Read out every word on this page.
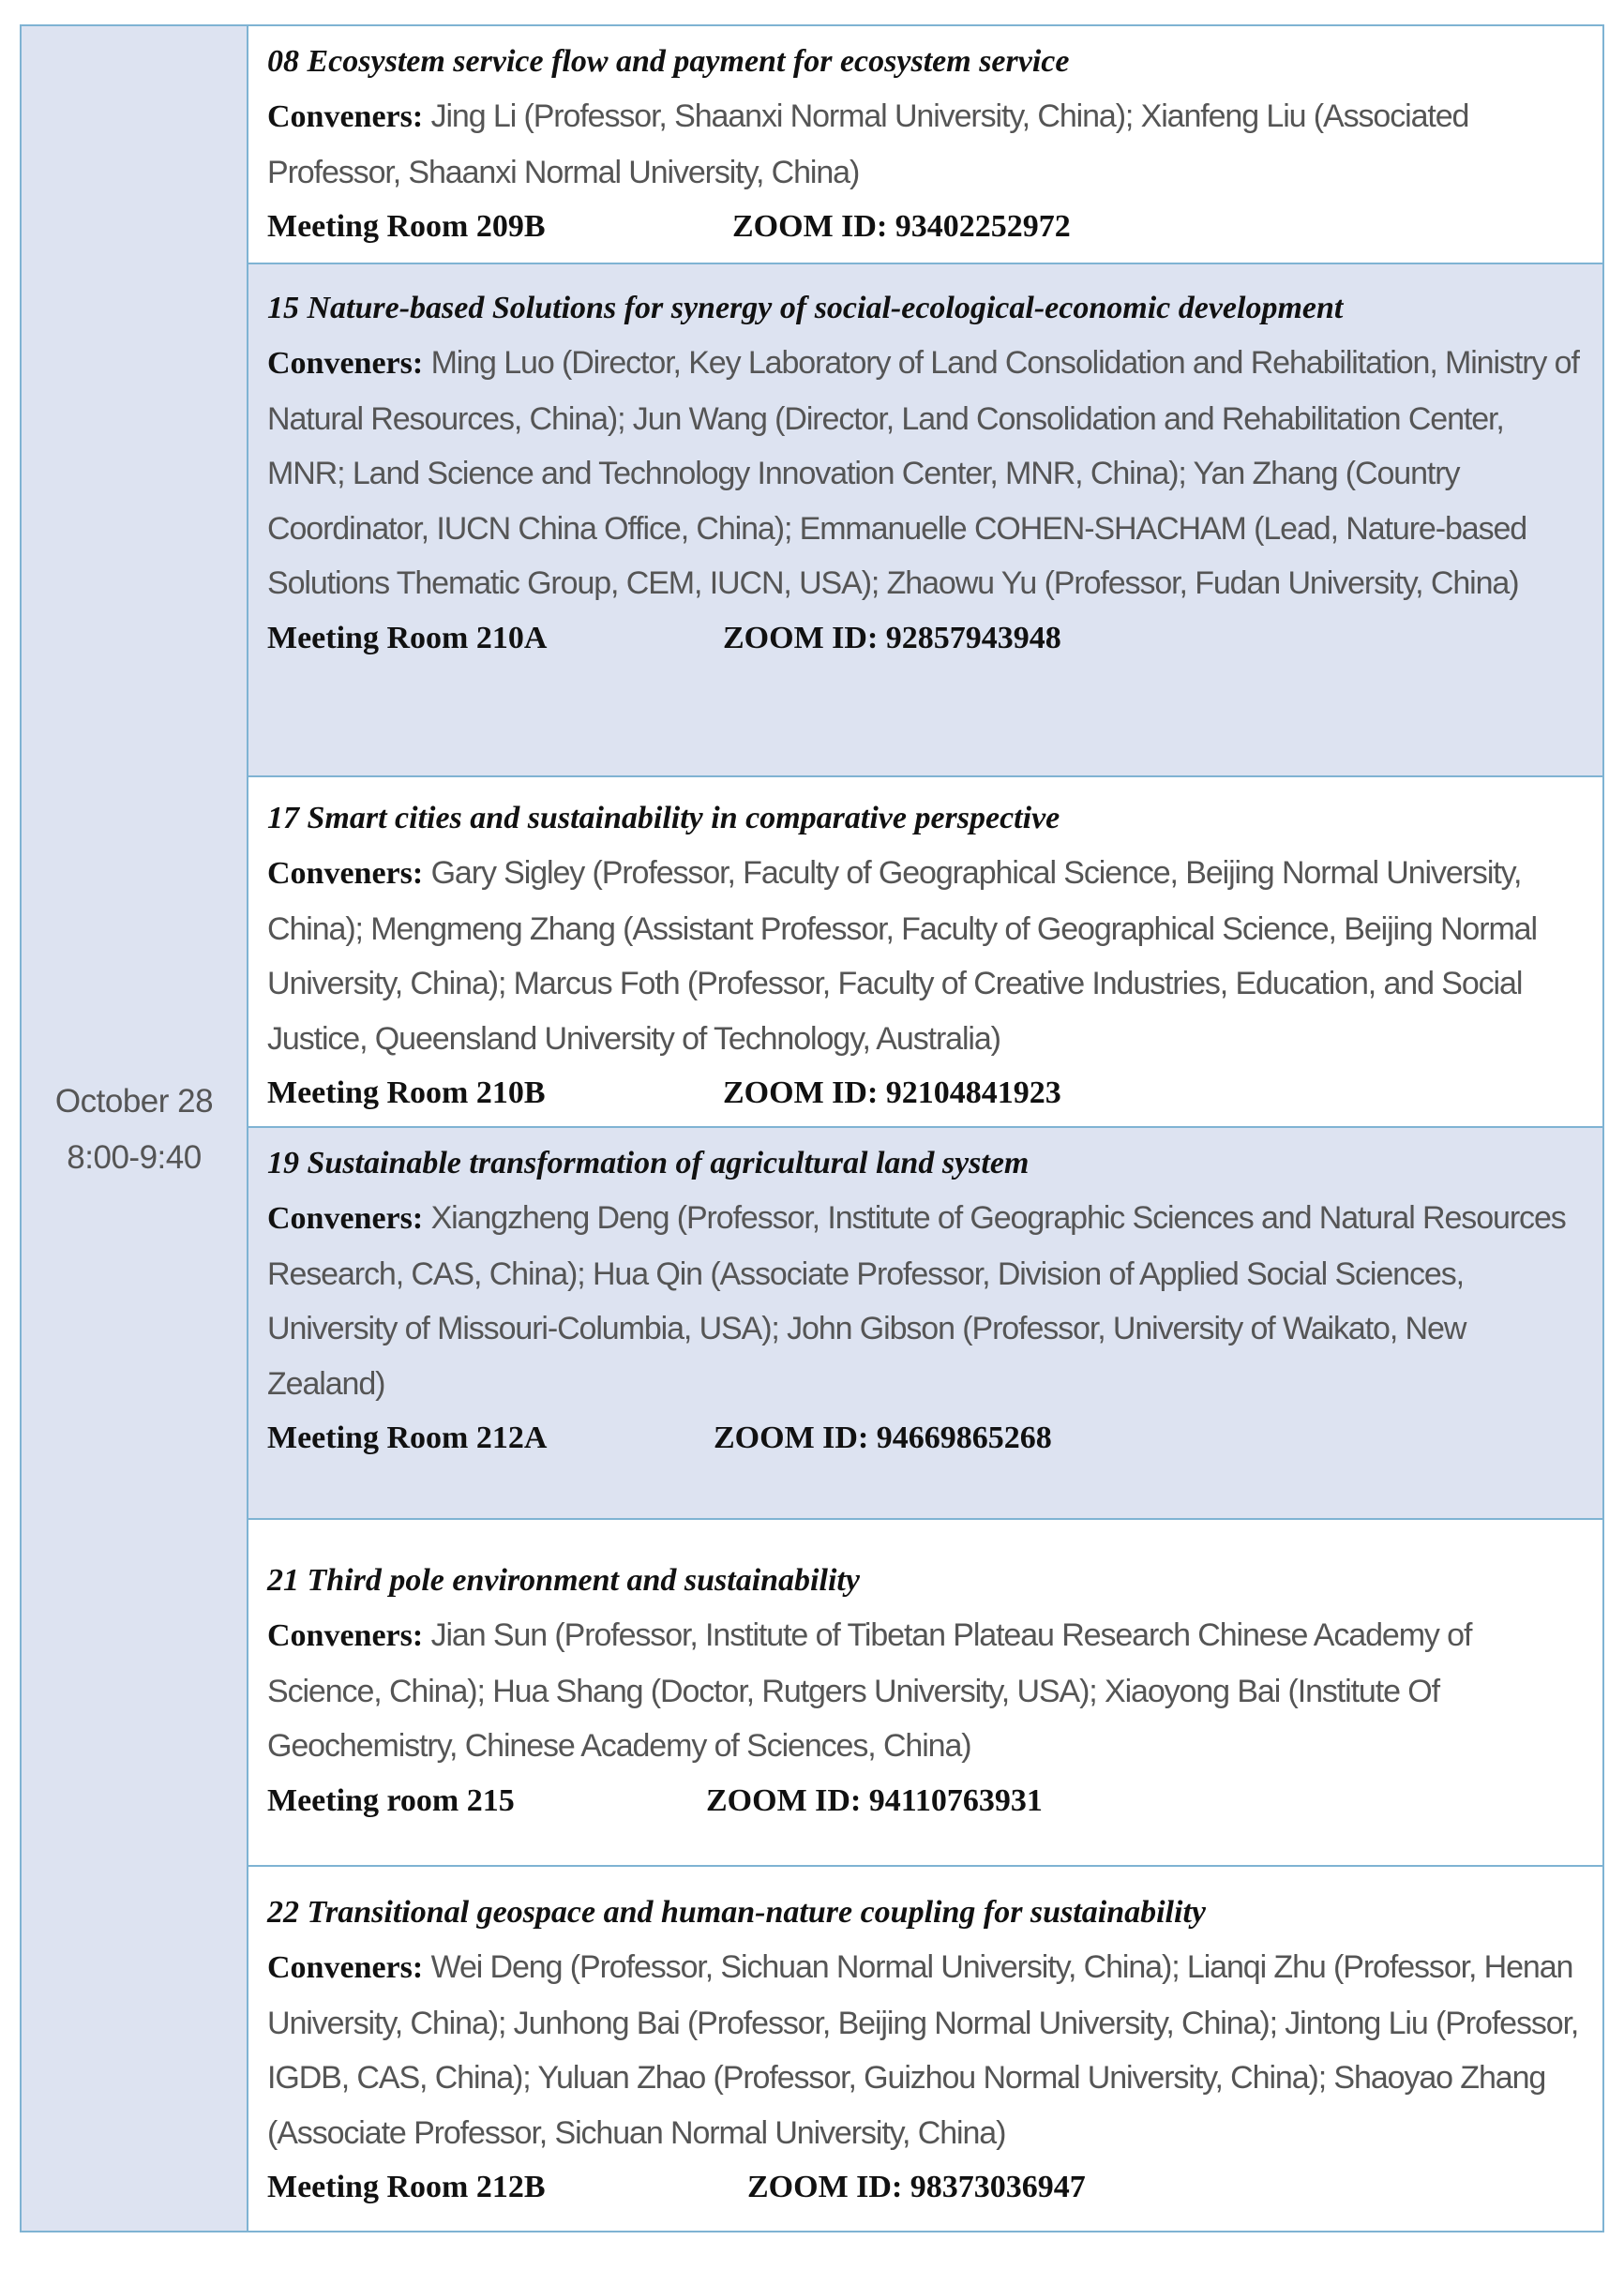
October 28
8:00-9:40
08 Ecosystem service flow and payment for ecosystem service
Conveners: Jing Li (Professor, Shaanxi Normal University, China); Xianfeng Liu (Associated Professor, Shaanxi Normal University, China)
Meeting Room 209B	ZOOM ID: 93402252972
15 Nature-based Solutions for synergy of social-ecological-economic development
Conveners: Ming Luo (Director, Key Laboratory of Land Consolidation and Rehabilitation, Ministry of Natural Resources, China); Jun Wang (Director, Land Consolidation and Rehabilitation Center, MNR; Land Science and Technology Innovation Center, MNR, China); Yan Zhang (Country Coordinator, IUCN China Office, China); Emmanuelle COHEN-SHACHAM (Lead, Nature-based Solutions Thematic Group, CEM, IUCN, USA); Zhaowu Yu (Professor, Fudan University, China)
Meeting Room 210A	ZOOM ID: 92857943948
17 Smart cities and sustainability in comparative perspective
Conveners: Gary Sigley (Professor, Faculty of Geographical Science, Beijing Normal University, China); Mengmeng Zhang (Assistant Professor, Faculty of Geographical Science, Beijing Normal University, China); Marcus Foth (Professor, Faculty of Creative Industries, Education, and Social Justice, Queensland University of Technology, Australia)
Meeting Room 210B	ZOOM ID: 92104841923
19 Sustainable transformation of agricultural land system
Conveners: Xiangzheng Deng (Professor, Institute of Geographic Sciences and Natural Resources Research, CAS, China); Hua Qin (Associate Professor, Division of Applied Social Sciences, University of Missouri-Columbia, USA); John Gibson (Professor, University of Waikato, New Zealand)
Meeting Room 212A	ZOOM ID: 94669865268
21 Third pole environment and sustainability
Conveners: Jian Sun (Professor, Institute of Tibetan Plateau Research Chinese Academy of Science, China); Hua Shang (Doctor, Rutgers University, USA); Xiaoyong Bai (Institute Of Geochemistry, Chinese Academy of Sciences, China)
Meeting room 215	ZOOM ID: 94110763931
22 Transitional geospace and human-nature coupling for sustainability
Conveners: Wei Deng (Professor, Sichuan Normal University, China); Lianqi Zhu (Professor, Henan University, China); Junhong Bai (Professor, Beijing Normal University, China); Jintong Liu (Professor, IGDB, CAS, China); Yuluan Zhao (Professor, Guizhou Normal University, China); Shaoyao Zhang (Associate Professor, Sichuan Normal University, China)
Meeting Room 212B	ZOOM ID: 98373036947
